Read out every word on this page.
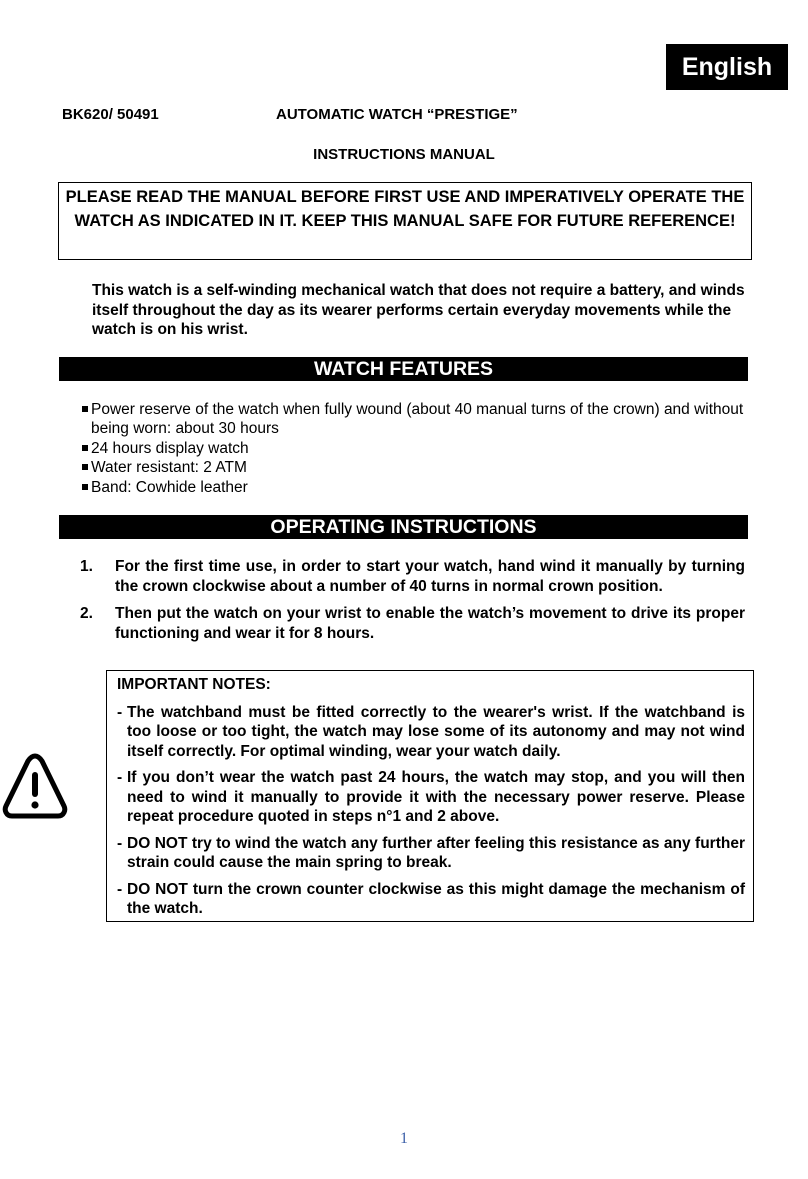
English
BK620/ 50491	AUTOMATIC WATCH “PRESTIGE”
INSTRUCTIONS MANUAL
PLEASE READ THE MANUAL BEFORE FIRST USE AND IMPERATIVELY OPERATE THE WATCH AS INDICATED IN IT. KEEP THIS MANUAL SAFE FOR FUTURE REFERENCE!
This watch is a self-winding mechanical watch that does not require a battery, and winds itself throughout the day as its wearer performs certain everyday movements while the watch is on his wrist.
WATCH FEATURES
Power reserve of the watch when fully wound (about 40 manual turns of the crown) and without being worn: about 30 hours
24 hours display watch
Water resistant: 2 ATM
Band: Cowhide leather
OPERATING INSTRUCTIONS
1.	For the first time use, in order to start your watch, hand wind it manually by turning the crown clockwise about a number of 40 turns in normal crown position.
2.	Then put the watch on your wrist to enable the watch’s movement to drive its proper functioning and wear it for 8 hours.
IMPORTANT NOTES:
- The watchband must be fitted correctly to the wearer's wrist. If the watchband is too loose or too tight, the watch may lose some of its autonomy and may not wind itself correctly. For optimal winding, wear your watch daily.
- If you don’t wear the watch past 24 hours, the watch may stop, and you will then need to wind it manually to provide it with the necessary power reserve. Please repeat procedure quoted in steps n°1 and 2 above.
- DO NOT try to wind the watch any further after feeling this resistance as any further strain could cause the main spring to break.
- DO NOT turn the crown counter clockwise as this might damage the mechanism of the watch.
1
